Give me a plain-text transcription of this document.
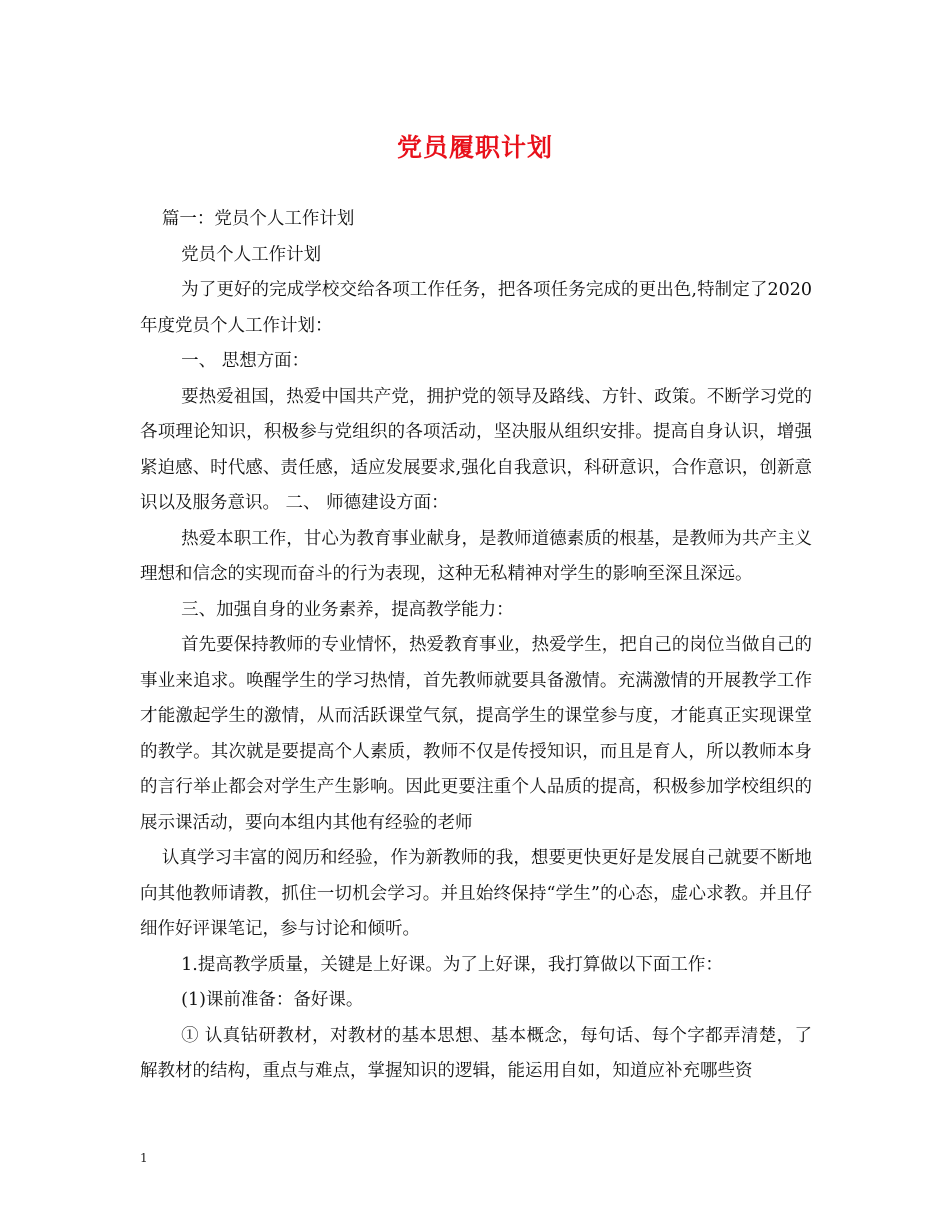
党员履职计划

篇一：党员个人工作计划

党员个人工作计划

为了更好的完成学校交给各项工作任务，把各项任务完成的更出色,特制定了2020年度党员个人工作计划：

一、 思想方面：

要热爱祖国，热爱中国共产党，拥护党的领导及路线、方针、政策。不断学习党的各项理论知识，积极参与党组织的各项活动，坚决服从组织安排。提高自身认识，增强紧迫感、时代感、责任感，适应发展要求,强化自我意识，科研意识，合作意识，创新意识以及服务意识。 二、 师德建设方面：

热爱本职工作，甘心为教育事业献身，是教师道德素质的根基，是教师为共产主义理想和信念的实现而奋斗的行为表现，这种无私精神对学生的影响至深且深远。

三、加强自身的业务素养，提高教学能力：

首先要保持教师的专业情怀，热爱教育事业，热爱学生，把自己的岗位当做自己的事业来追求。唤醒学生的学习热情，首先教师就要具备激情。充满激情的开展教学工作才能激起学生的激情，从而活跃课堂气氛，提高学生的课堂参与度，才能真正实现课堂的教学。其次就是要提高个人素质，教师不仅是传授知识，而且是育人，所以教师本身的言行举止都会对学生产生影响。因此更要注重个人品质的提高，积极参加学校组织的展示课活动，要向本组内其他有经验的老师

认真学习丰富的阅历和经验，作为新教师的我，想要更快更好是发展自己就要不断地向其他教师请教，抓住一切机会学习。并且始终保持“学生”的心态，虚心求教。并且仔细作好评课笔记，参与讨论和倾听。

1.提高教学质量，关键是上好课。为了上好课，我打算做以下面工作：

(1)课前准备：备好课。

① 认真钻研教材，对教材的基本思想、基本概念，每句话、每个字都弄清楚，了解教材的结构，重点与难点，掌握知识的逻辑，能运用自如，知道应补充哪些资

1
